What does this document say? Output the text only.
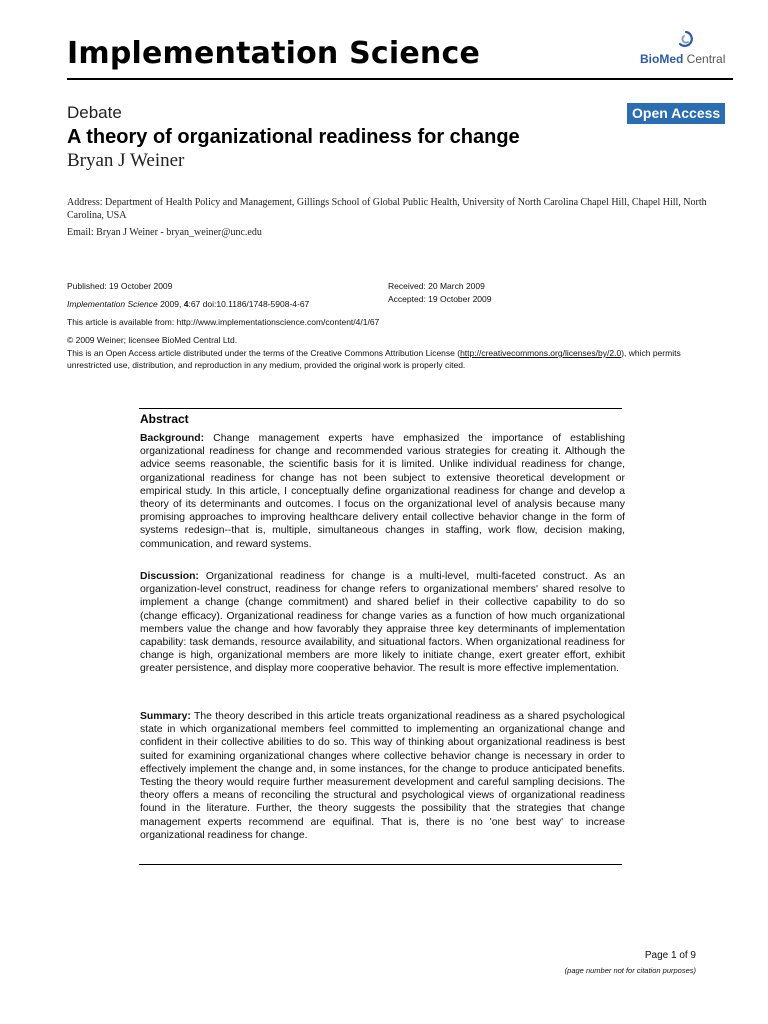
Implementation Science	BioMed Central
Debate	Open Access
A theory of organizational readiness for change
Bryan J Weiner
Address: Department of Health Policy and Management, Gillings School of Global Public Health, University of North Carolina Chapel Hill, Chapel Hill, North Carolina, USA
Email: Bryan J Weiner - bryan_weiner@unc.edu
Published: 19 October 2009
Implementation Science 2009, 4:67 doi:10.1186/1748-5908-4-67
Received: 20 March 2009
Accepted: 19 October 2009
This article is available from: http://www.implementationscience.com/content/4/1/67
© 2009 Weiner; licensee BioMed Central Ltd.
This is an Open Access article distributed under the terms of the Creative Commons Attribution License (http://creativecommons.org/licenses/by/2.0), which permits unrestricted use, distribution, and reproduction in any medium, provided the original work is properly cited.
Abstract
Background: Change management experts have emphasized the importance of establishing organizational readiness for change and recommended various strategies for creating it. Although the advice seems reasonable, the scientific basis for it is limited. Unlike individual readiness for change, organizational readiness for change has not been subject to extensive theoretical development or empirical study. In this article, I conceptually define organizational readiness for change and develop a theory of its determinants and outcomes. I focus on the organizational level of analysis because many promising approaches to improving healthcare delivery entail collective behavior change in the form of systems redesign--that is, multiple, simultaneous changes in staffing, work flow, decision making, communication, and reward systems.
Discussion: Organizational readiness for change is a multi-level, multi-faceted construct. As an organization-level construct, readiness for change refers to organizational members' shared resolve to implement a change (change commitment) and shared belief in their collective capability to do so (change efficacy). Organizational readiness for change varies as a function of how much organizational members value the change and how favorably they appraise three key determinants of implementation capability: task demands, resource availability, and situational factors. When organizational readiness for change is high, organizational members are more likely to initiate change, exert greater effort, exhibit greater persistence, and display more cooperative behavior. The result is more effective implementation.
Summary: The theory described in this article treats organizational readiness as a shared psychological state in which organizational members feel committed to implementing an organizational change and confident in their collective abilities to do so. This way of thinking about organizational readiness is best suited for examining organizational changes where collective behavior change is necessary in order to effectively implement the change and, in some instances, for the change to produce anticipated benefits. Testing the theory would require further measurement development and careful sampling decisions. The theory offers a means of reconciling the structural and psychological views of organizational readiness found in the literature. Further, the theory suggests the possibility that the strategies that change management experts recommend are equifinal. That is, there is no 'one best way' to increase organizational readiness for change.
Page 1 of 9
(page number not for citation purposes)
